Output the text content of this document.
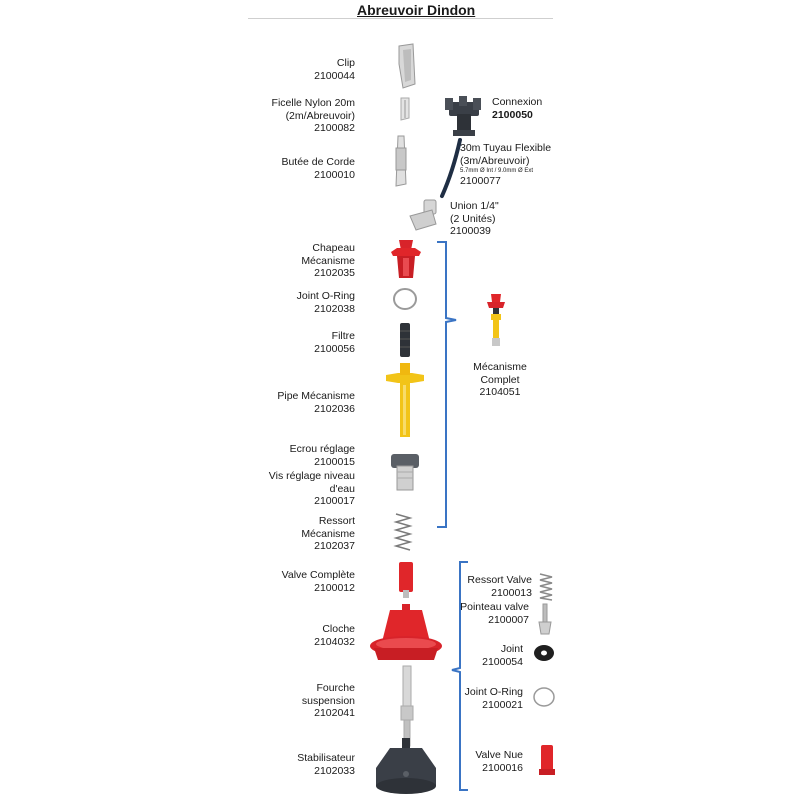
Abreuvoir Dindon
Clip
2100044
Ficelle Nylon 20m
(2m/Abreuvoir)
2100082
Butée de Corde
2100010
Chapeau
Mécanisme
2102035
Joint O-Ring
2102038
Filtre
2100056
Pipe Mécanisme
2102036
Ecrou réglage
2100015
Vis réglage niveau
d'eau
2100017
Ressort
Mécanisme
2102037
Valve Complète
2100012
Cloche
2104032
Fourche
suspension
2102041
Stabilisateur
2102033
Connexion
2100050
30m Tuyau Flexible
(3m/Abreuvoir)
5.7mm Ø Int / 9.0mm Ø Ext
2100077
Union 1/4"
(2 Unités)
2100039
Mécanisme Complet
2104051
Ressort Valve
2100013
Pointeau valve
2100007
Joint
2100054
Joint O-Ring
2100021
Valve Nue
2100016
